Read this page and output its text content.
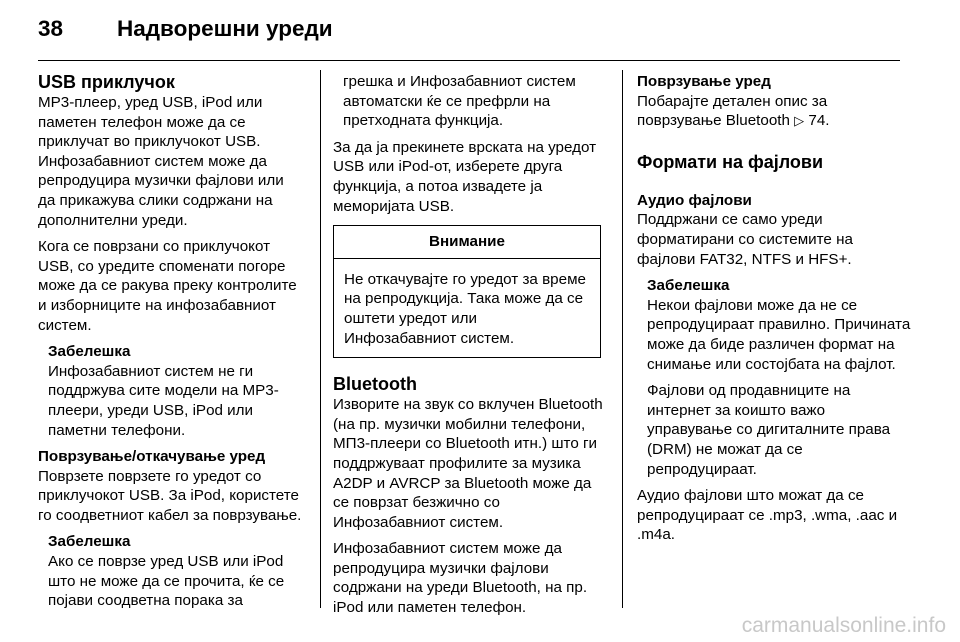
38	Надворешни уреди
USB приклучок

MP3-плеер, уред USB, iPod или паметен телефон може да се приклучат во приклучокот USB. Инфозабавниот систем може да репродуцира музички фајлови или да прикажува слики содржани на дополнителни уреди.

Кога се поврзани со приклучокот USB, со уредите споменати погоре може да се ракува преку контролите и изборниците на инфозабавниот систем.

Забелешка

Инфозабавниот систем не ги поддржува сите модели на MP3-плеери, уреди USB, iPod или паметни телефони.

Поврзување/откачување уред

Поврзете поврзете го уредот со приклучокот USB. За iPod, користете го соодветниот кабел за поврзување.

Забелешка

Ако се поврзе уред USB или iPod што не може да се прочита, ќе се појави соодветна порака за

грешка и Инфозабавниот систем автоматски ќе се префрли на претходната функција.

За да ја прекинете врската на уредот USB или iPod-от, изберете друга функција, а потоа извадете ја меморијата USB.

Внимание
Не откачувајте го уредот за време на репродукција. Така може да се оштети уредот или Инфозабавниот систем.
Bluetooth

Изворите на звук со вклучен Bluetooth (на пр. музички мобилни телефони, МП3-плеери со Bluetooth итн.) што ги поддржуваат профилите за музика A2DP и AVRCP за Bluetooth може да се поврзат безжично со Инфозабавниот систем.

Инфозабавниот систем може да репродуцира музички фајлови содржани на уреди Bluetooth, на пр. iPod или паметен телефон.

Поврзување уред

Побарајте детален опис за поврзување Bluetooth ▷ 74.

Формати на фајлови
Аудио фајлови

Поддржани се само уреди форматирани со системите на фајлови FAT32, NTFS и HFS+.

Забелешка

Некои фајлови може да не се репродуцираат правилно. Причината може да биде различен формат на снимање или состојбата на фајлот.

Фајлови од продавниците на интернет за коишто важо управување со дигиталните права (DRM) не можат да се репродуцираат.

Аудио фајлови што можат да се репродуцираат се .mp3, .wma, .aac и .m4a.

carmanualsonline.info
